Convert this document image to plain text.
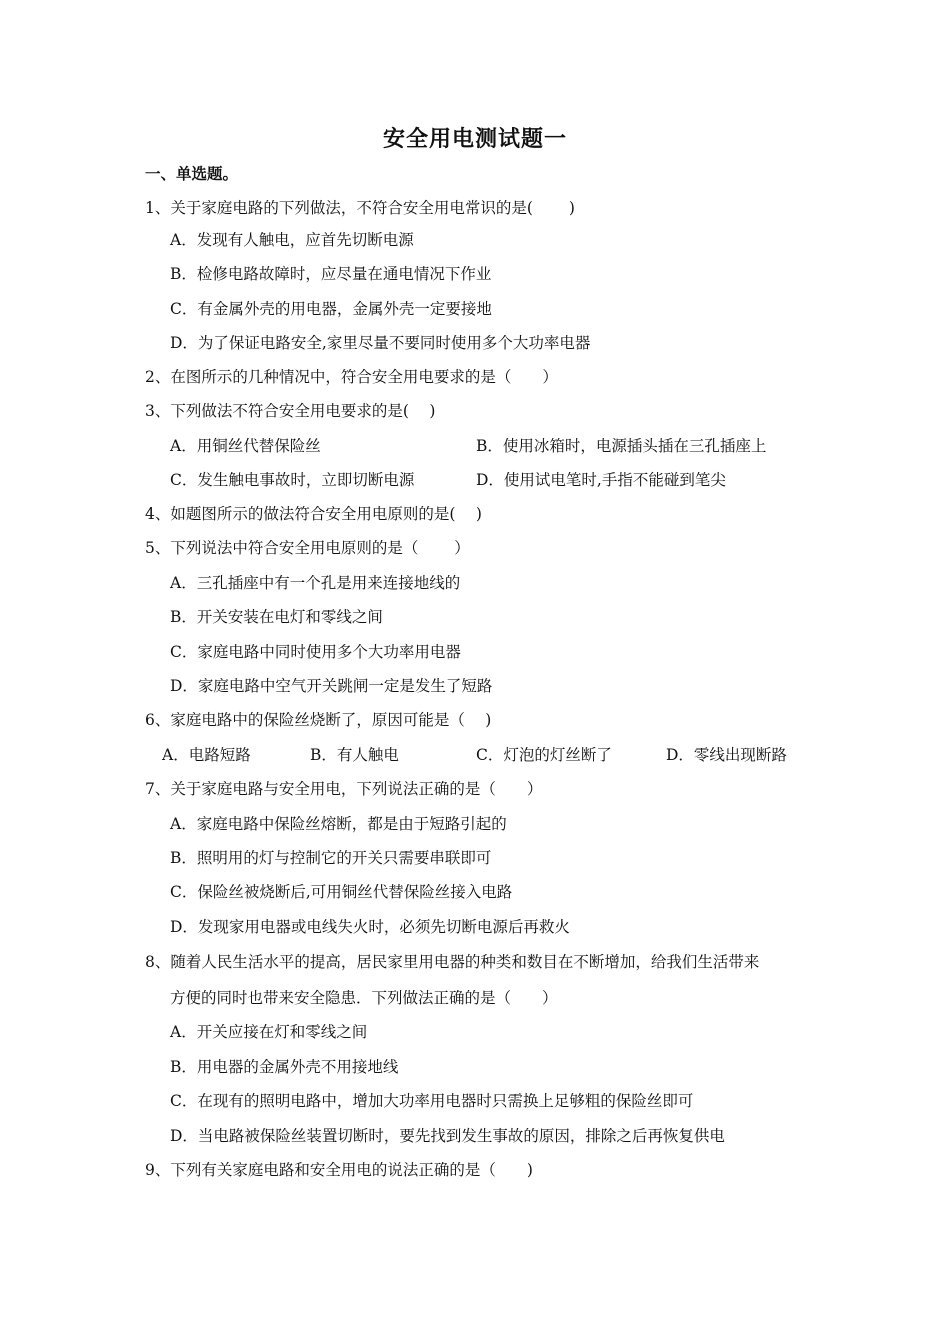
安全用电测试题一
一、单选题。
1、关于家庭电路的下列做法，不符合安全用电常识的是(　　 )
A．发现有人触电，应首先切断电源
B．检修电路故障时，应尽量在通电情况下作业
C．有金属外壳的用电器，金属外壳一定要接地
D．为了保证电路安全,家里尽量不要同时使用多个大功率电器
2、在图所示的几种情况中，符合安全用电要求的是（　　）
3、下列做法不符合安全用电要求的是(　 )
A．用铜丝代替保险丝	B．使用冰箱时，电源插头插在三孔插座上
C．发生触电事故时，立即切断电源	D．使用试电笔时,手指不能碰到笔尖
4、如题图所示的做法符合安全用电原则的是(　 )
5、下列说法中符合安全用电原则的是（　　 ）
A．三孔插座中有一个孔是用来连接地线的
B．开关安装在电灯和零线之间
C．家庭电路中同时使用多个大功率用电器
D．家庭电路中空气开关跳闸一定是发生了短路
6、家庭电路中的保险丝烧断了，原因可能是（　 )
A．电路短路	B．有人触电	C．灯泡的灯丝断了	D．零线出现断路
7、关于家庭电路与安全用电，下列说法正确的是（　　）
A．家庭电路中保险丝熔断，都是由于短路引起的
B．照明用的灯与控制它的开关只需要串联即可
C．保险丝被烧断后,可用铜丝代替保险丝接入电路
D．发现家用电器或电线失火时，必须先切断电源后再救火
8、随着人民生活水平的提高，居民家里用电器的种类和数目在不断增加，给我们生活带来
方便的同时也带来安全隐患．下列做法正确的是（　　）
A．开关应接在灯和零线之间
B．用电器的金属外壳不用接地线
C．在现有的照明电路中，增加大功率用电器时只需换上足够粗的保险丝即可
D．当电路被保险丝装置切断时，要先找到发生事故的原因，排除之后再恢复供电
9、下列有关家庭电路和安全用电的说法正确的是（　　)
